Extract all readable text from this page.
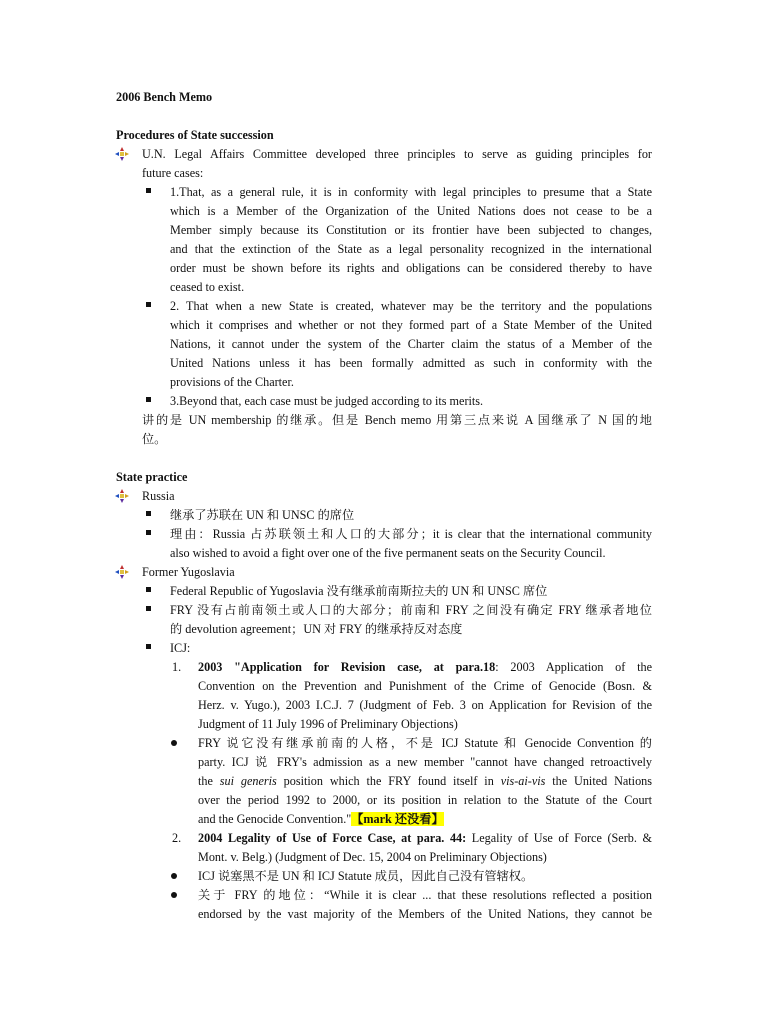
2006 Bench Memo
Procedures of State succession
U.N. Legal Affairs Committee developed three principles to serve as guiding principles for
future cases:
1.That, as a general rule, it is in conformity with legal principles to presume that a State
which is a Member of the Organization of the United Nations does not cease to be a
Member simply because its Constitution or its frontier have been subjected to changes,
and that the extinction of the State as a legal personality recognized in the international
order must be shown before its rights and obligations can be considered thereby to have
ceased to exist.
2. That when a new State is created, whatever may be the territory and the populations
which it comprises and whether or not they formed part of a State Member of the United
Nations, it cannot under the system of the Charter claim the status of a Member of the
United Nations unless it has been formally admitted as such in conformity with the
provisions of the Charter.
3.Beyond that, each case must be judged according to its merits.
讲的是 UN membership 的继承。但是 Bench memo 用第三点来说 A 国继承了 N 国的地
位。
State practice
Russia
继承了苏联在 UN 和 UNSC 的席位
理由：Russia 占苏联领土和人口的大部分；it is clear that the international community
also wished to avoid a fight over one of the five permanent seats on the Security Council.
Former Yugoslavia
Federal Republic of Yugoslavia 没有继承前南斯拉夫的 UN 和 UNSC 席位
FRY 没有占前南领土或人口的大部分；前南和 FRY 之间没有确定 FRY 继承者地位
的 devolution agreement；UN 对 FRY 的继承持反对态度
ICJ:
1. 2003 "Application for Revision case, at para.18: 2003 Application of the
Convention on the Prevention and Punishment of the Crime of Genocide (Bosn. &
Herz. v. Yugo.), 2003 I.C.J. 7 (Judgment of Feb. 3 on Application for Revision of the
Judgment of 11 July 1996 of Preliminary Objections)
FRY 说它没有继承前南的人格，不是 ICJ Statute 和 Genocide Convention 的
party. ICJ 说 FRY's admission as a new member "cannot have changed retroactively
the sui generis position which the FRY found itself in vis-ai-vis the United Nations
over the period 1992 to 2000, or its position in relation to the Statute of the Court
and the Genocide Convention."【mark 还没看】
2. 2004 Legality of Use of Force Case, at para. 44: Legality of Use of Force (Serb. &
Mont. v. Belg.) (Judgment of Dec. 15, 2004 on Preliminary Objections)
ICJ 说塞黑不是 UN 和 ICJ Statute 成员，因此自己没有管辖权。
关于 FRY 的地位：“While it is clear ... that these resolutions reflected a position
endorsed by the vast majority of the Members of the United Nations, they cannot be
